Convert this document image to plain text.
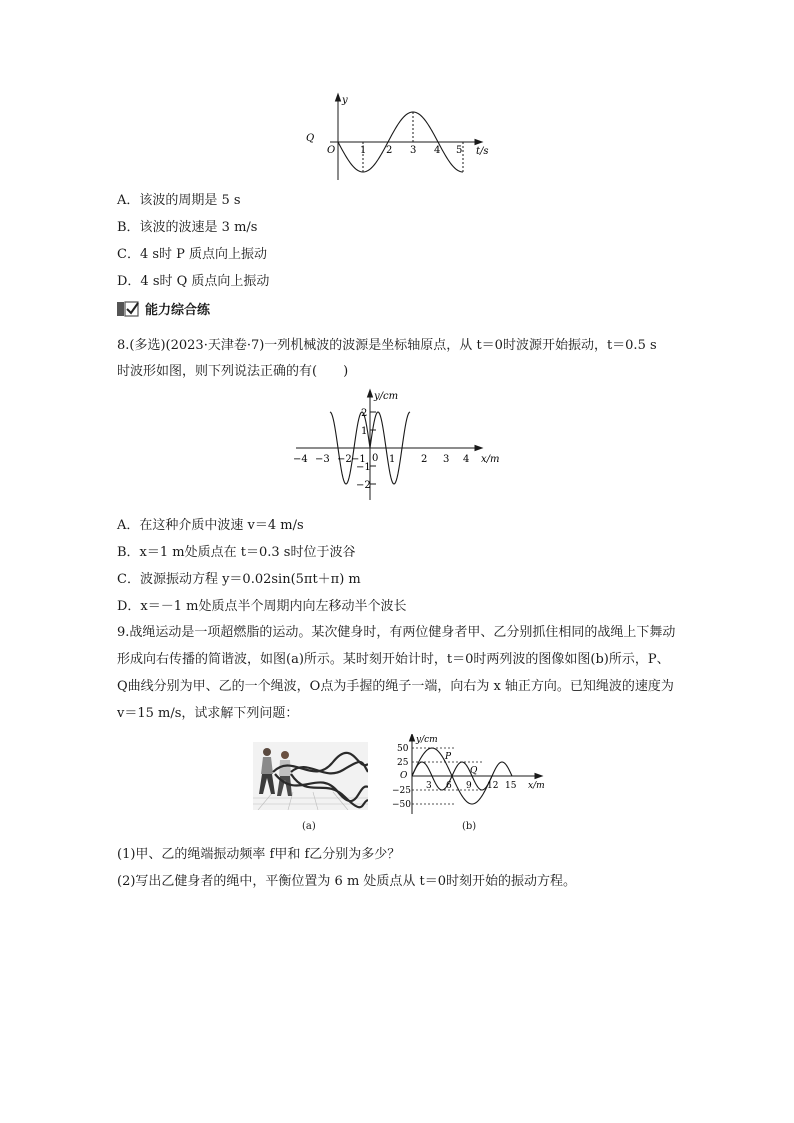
y
t/s
O
Q
1 2 3 4 5
A．该波的周期是 5 s
B．该波的波速是 3 m/s
C．4 s时 P 质点向上振动
D．4 s时 Q 质点向上振动
能力综合练
8.(多选)(2023·天津卷·7)一列机械波的波源是坐标轴原点，从 t＝0时波源开始振动，t＝0.5 s
时波形如图，则下列说法正确的有(　　)
y/cm
x/m
0
2
1
−1
−2
−4 −3 −2 −1 1	2 3 4
A．在这种介质中波速 v＝4 m/s
B．x＝1 m处质点在 t＝0.3 s时位于波谷
C．波源振动方程 y＝0.02sin(5πt＋π) m
D．x＝－1 m处质点半个周期内向左移动半个波长
9.战绳运动是一项超燃脂的运动。某次健身时，有两位健身者甲、乙分别抓住相同的战绳上下舞动形成向右传播的简谐波，如图(a)所示。某时刻开始计时，t＝0时两列波的图像如图(b)所示，P、Q曲线分别为甲、乙的一个绳波，O点为手握的绳子一端，向右为 x 轴正方向。已知绳波的速度为 v＝15 m/s，试求解下列问题：
(a)
y/cm
x/m
O
P
Q
50
25
−25
−50
3 6 9 12 15
(b)
(1)甲、乙的绳端振动频率 f甲和 f乙分别为多少？
(2)写出乙健身者的绳中，平衡位置为 6 m 处质点从 t＝0时刻开始的振动方程。
